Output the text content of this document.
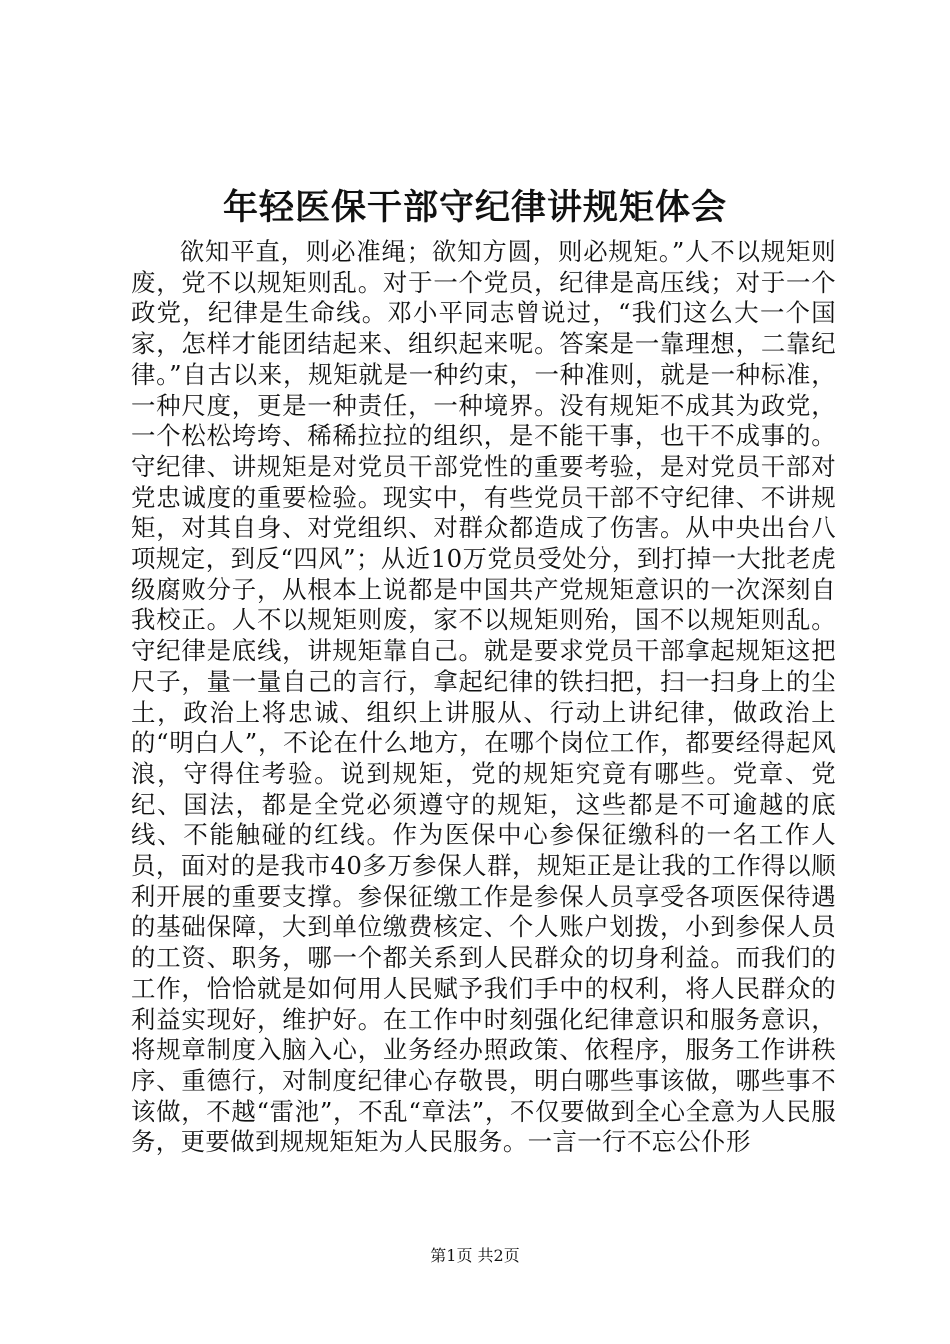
年轻医保干部守纪律讲规矩体会

欲知平直，则必准绳；欲知方圆，则必规矩。”人不以规矩则废，党不以规矩则乱。对于一个党员，纪律是高压线；对于一个政党，纪律是生命线。邓小平同志曾说过，“我们这么大一个国家，怎样才能团结起来、组织起来呢。答案是一靠理想，二靠纪律。”自古以来，规矩就是一种约束，一种准则，就是一种标准，一种尺度，更是一种责任，一种境界。没有规矩不成其为政党，一个松松垮垮、稀稀拉拉的组织，是不能干事，也干不成事的。守纪律、讲规矩是对党员干部党性的重要考验，是对党员干部对党忠诚度的重要检验。现实中，有些党员干部不守纪律、不讲规矩，对其自身、对党组织、对群众都造成了伤害。从中央出台八项规定，到反“四风”；从近10万党员受处分，到打掉一大批老虎级腐败分子，从根本上说都是中国共产党规矩意识的一次深刻自我校正。人不以规矩则废，家不以规矩则殆，国不以规矩则乱。守纪律是底线，讲规矩靠自己。就是要求党员干部拿起规矩这把尺子，量一量自己的言行，拿起纪律的铁扫把，扫一扫身上的尘土，政治上将忠诚、组织上讲服从、行动上讲纪律，做政治上的“明白人”，不论在什么地方，在哪个岗位工作，都要经得起风浪，守得住考验。说到规矩，党的规矩究竟有哪些。党章、党纪、国法，都是全党必须遵守的规矩，这些都是不可逾越的底线、不能触碰的红线。作为医保中心参保征缴科的一名工作人员，面对的是我市40多万参保人群，规矩正是让我的工作得以顺利开展的重要支撑。参保征缴工作是参保人员享受各项医保待遇的基础保障，大到单位缴费核定、个人账户划拨，小到参保人员的工资、职务，哪一个都关系到人民群众的切身利益。而我们的工作，恰恰就是如何用人民赋予我们手中的权利，将人民群众的利益实现好，维护好。在工作中时刻强化纪律意识和服务意识，将规章制度入脑入心，业务经办照政策、依程序，服务工作讲秩序、重德行，对制度纪律心存敬畏，明白哪些事该做，哪些事不该做，不越“雷池”，不乱“章法”，不仅要做到全心全意为人民服务，更要做到规规矩矩为人民服务。一言一行不忘公仆形

第1页 共2页
